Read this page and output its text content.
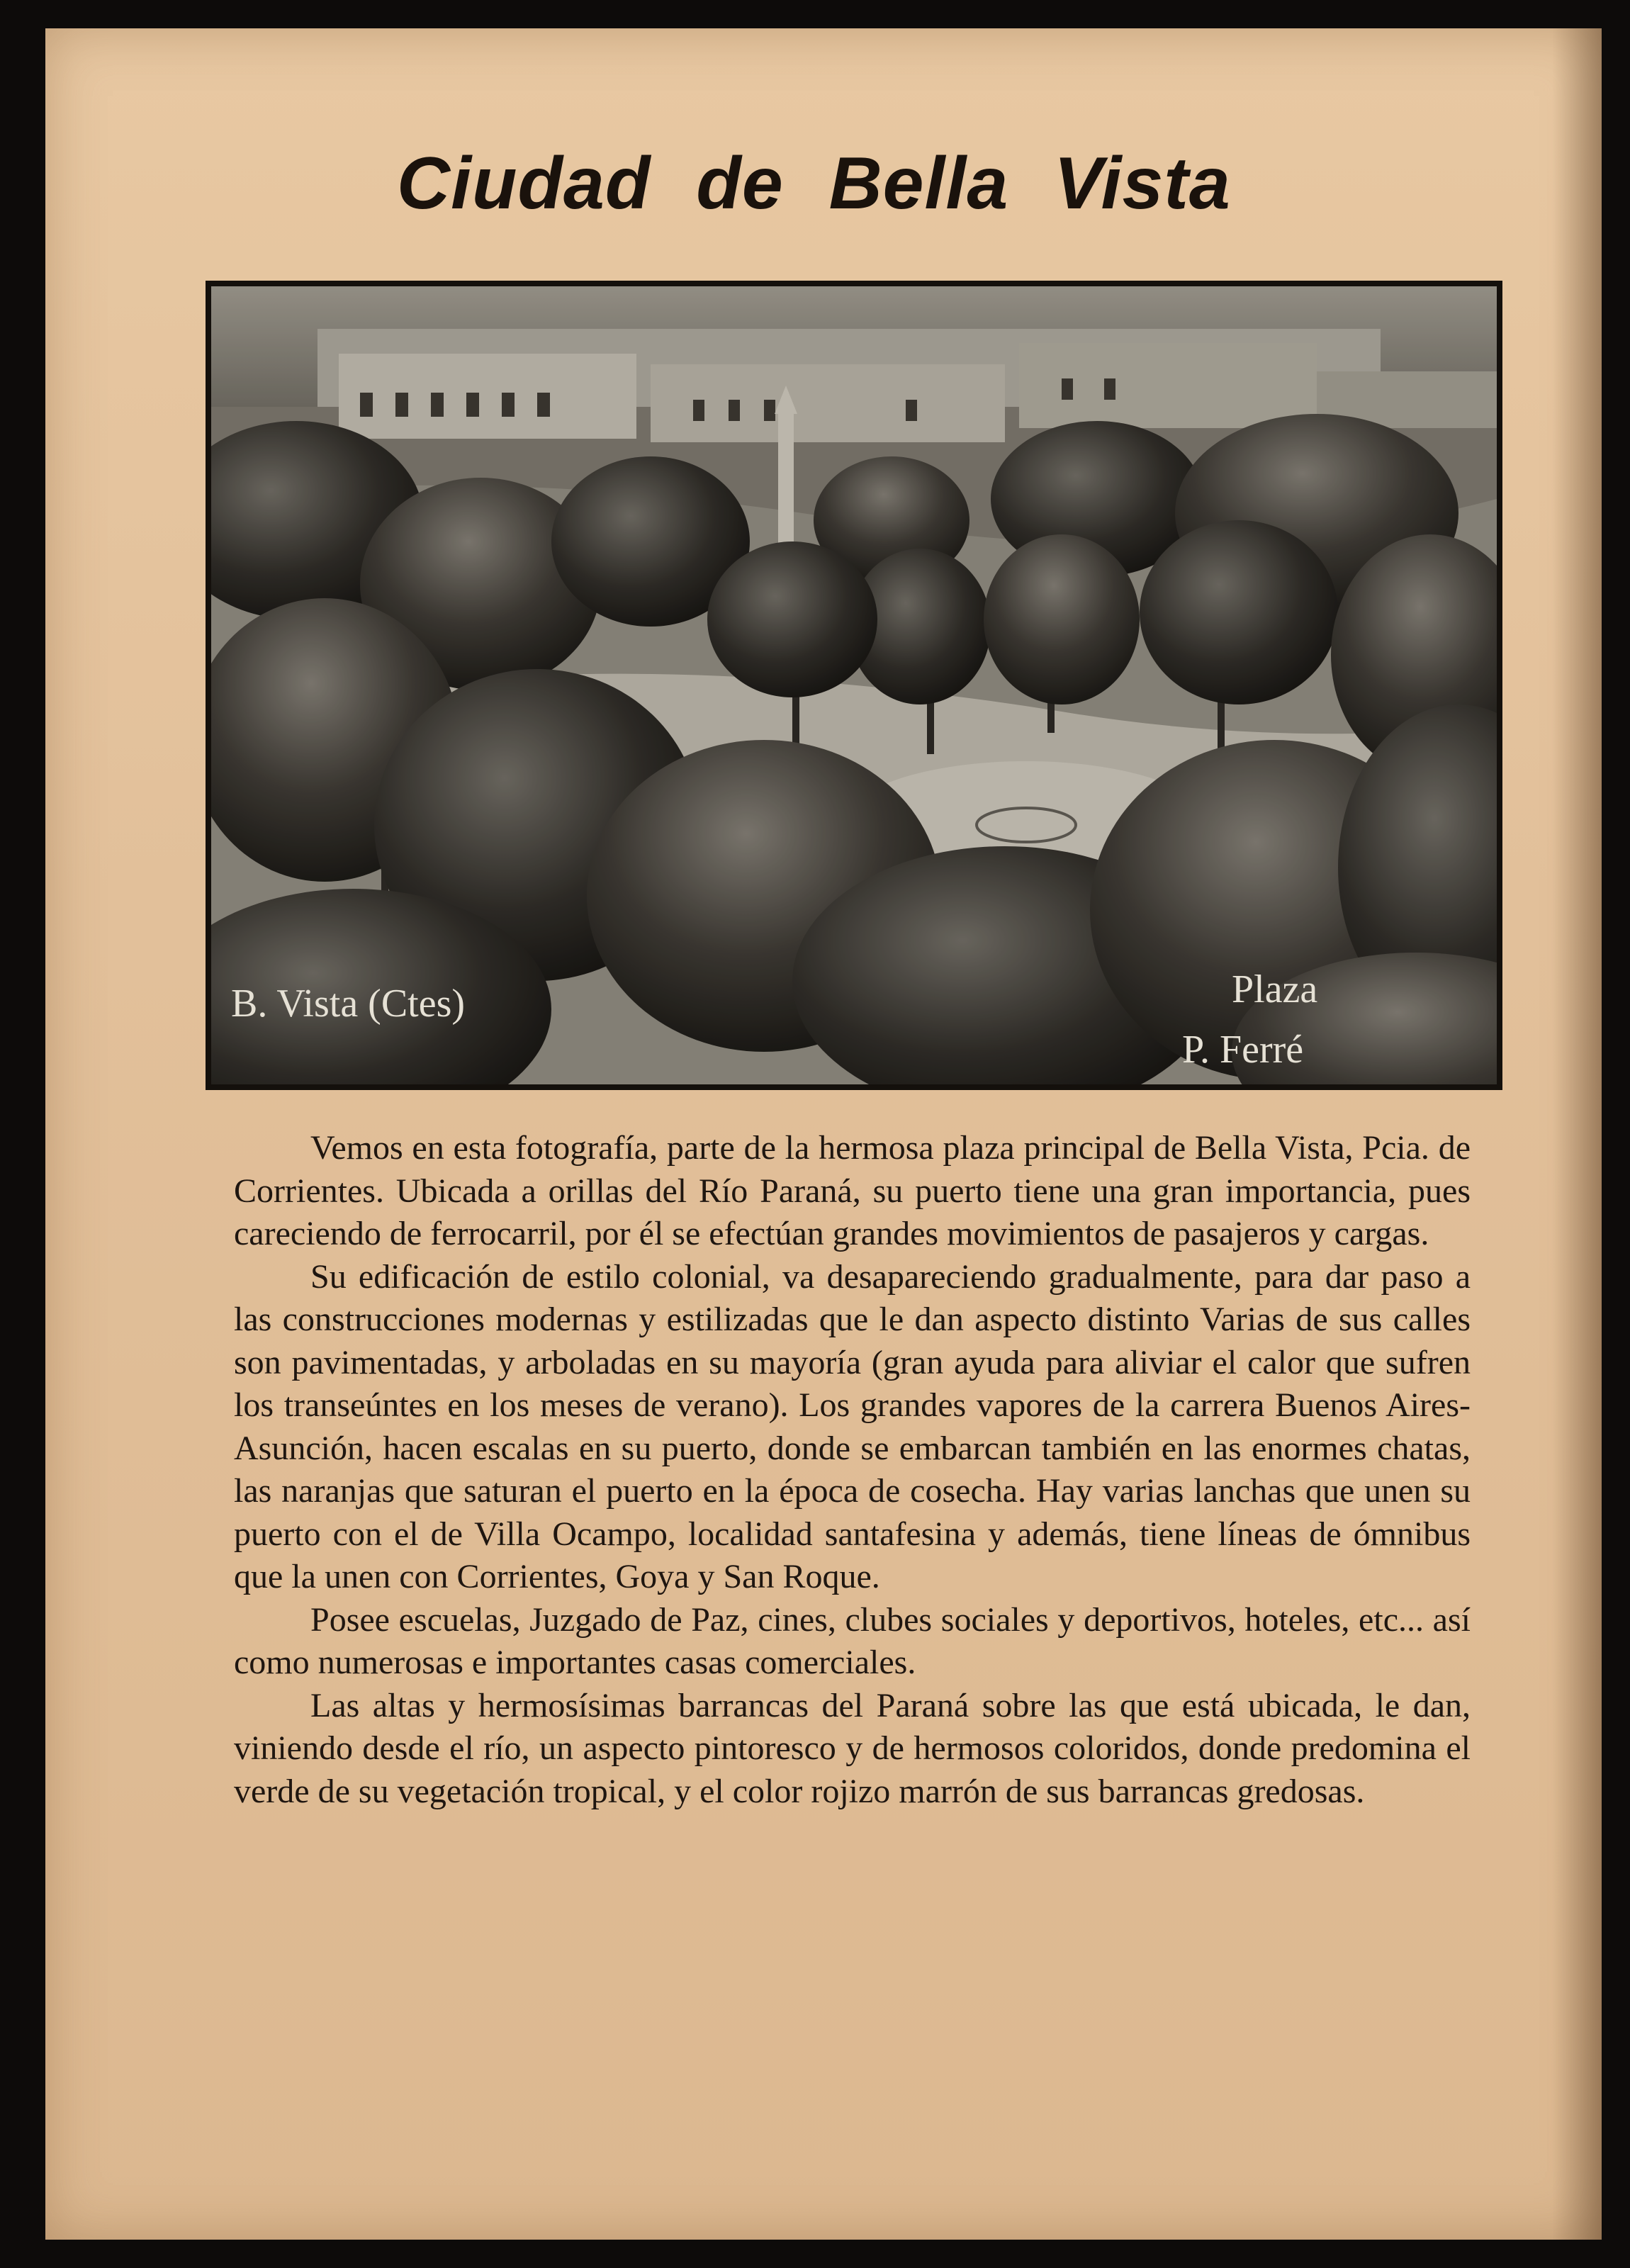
Ciudad de Bella Vista
B. Vista (Ctes)	Plaza
P. Ferré

Vemos en esta fotografía, parte de la hermosa plaza principal de Bella Vista, Pcia. de Corrientes. Ubicada a orillas del Río Paraná, su puerto tiene una gran importancia, pues careciendo de ferrocarril, por él se efectúan grandes movimientos de pasajeros y cargas.

Su edificación de estilo colonial, va desapareciendo gradualmente, para dar paso a las construcciones modernas y estilizadas que le dan aspecto distinto Varias de sus calles son pavimentadas, y arboladas en su mayoría (gran ayuda para aliviar el calor que sufren los transeúntes en los meses de verano). Los grandes vapores de la carrera Buenos Aires-Asunción, hacen escalas en su puerto, donde se embarcan también en las enormes chatas, las naranjas que saturan el puerto en la época de cosecha. Hay varias lanchas que unen su puerto con el de Villa Ocampo, localidad santafesina y además, tiene líneas de ómnibus que la unen con Corrientes, Goya y San Roque.

Posee escuelas, Juzgado de Paz, cines, clubes sociales y deportivos, hoteles, etc... así como numerosas e importantes casas comerciales.

Las altas y hermosísimas barrancas del Paraná sobre las que está ubicada, le dan, viniendo desde el río, un aspecto pintoresco y de hermosos coloridos, donde predomina el verde de su vegetación tropical, y el color rojizo marrón de sus barrancas gredosas.
